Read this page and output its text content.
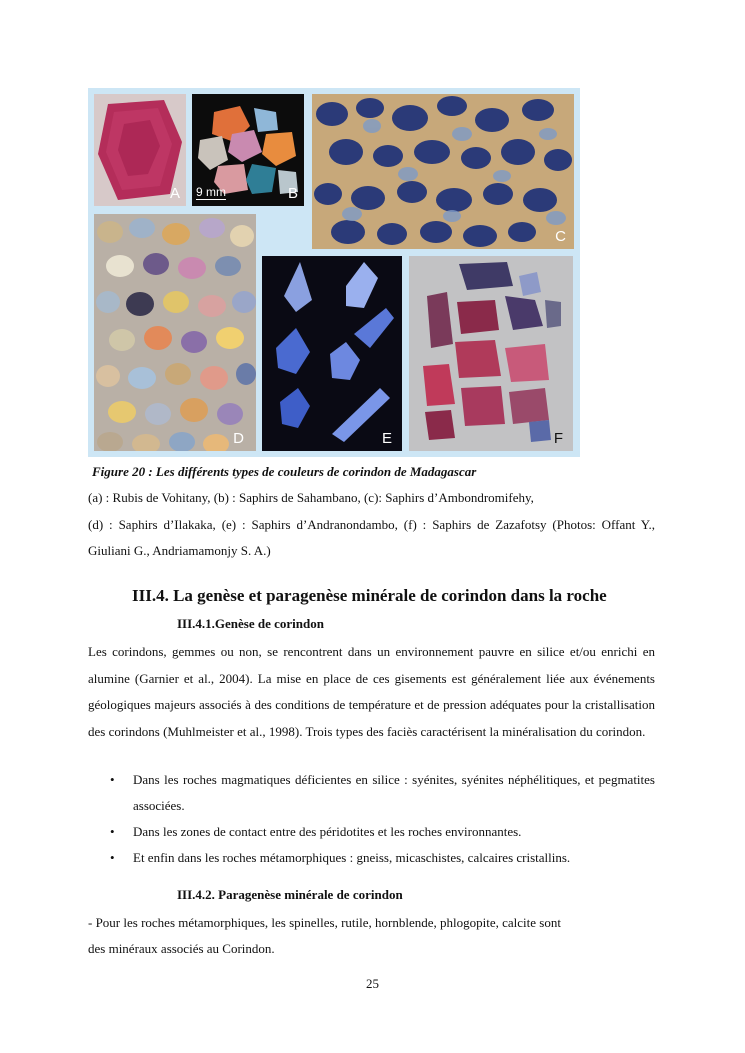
A 9 mm	B
C
D	E	F
Figure 20 : Les différents types de couleurs de corindon de Madagascar
(a) : Rubis de Vohitany, (b) : Saphirs de Sahambano, (c): Saphirs d’Ambondromifehy,
(d) : Saphirs d’Ilakaka, (e) : Saphirs d’Andranondambo, (f) : Saphirs de Zazafotsy (Photos: Offant Y., Giuliani G., Andriamamonjy S. A.)
III.4. La genèse et paragenèse minérale de corindon dans la roche
III.4.1.Genèse de corindon

Les corindons, gemmes ou non, se rencontrent dans un environnement pauvre en silice et/ou enrichi en alumine (Garnier et al., 2004). La mise en place de ces gisements est généralement liée aux événements géologiques majeurs associés à des conditions de température et de pression adéquates pour la cristallisation des corindons (Muhlmeister et al., 1998). Trois types des faciès caractérisent la minéralisation du corindon.

• Dans les roches magmatiques déficientes en silice : syénites, syénites néphélitiques, et pegmatites associées.
• Dans les zones de contact entre des péridotites et les roches environnantes.
• Et enfin dans les roches métamorphiques : gneiss, micaschistes, calcaires cristallins.
III.4.2. Paragenèse minérale de corindon
- Pour les roches métamorphiques, les spinelles, rutile, hornblende, phlogopite, calcite sont
des minéraux associés au Corindon.
25
